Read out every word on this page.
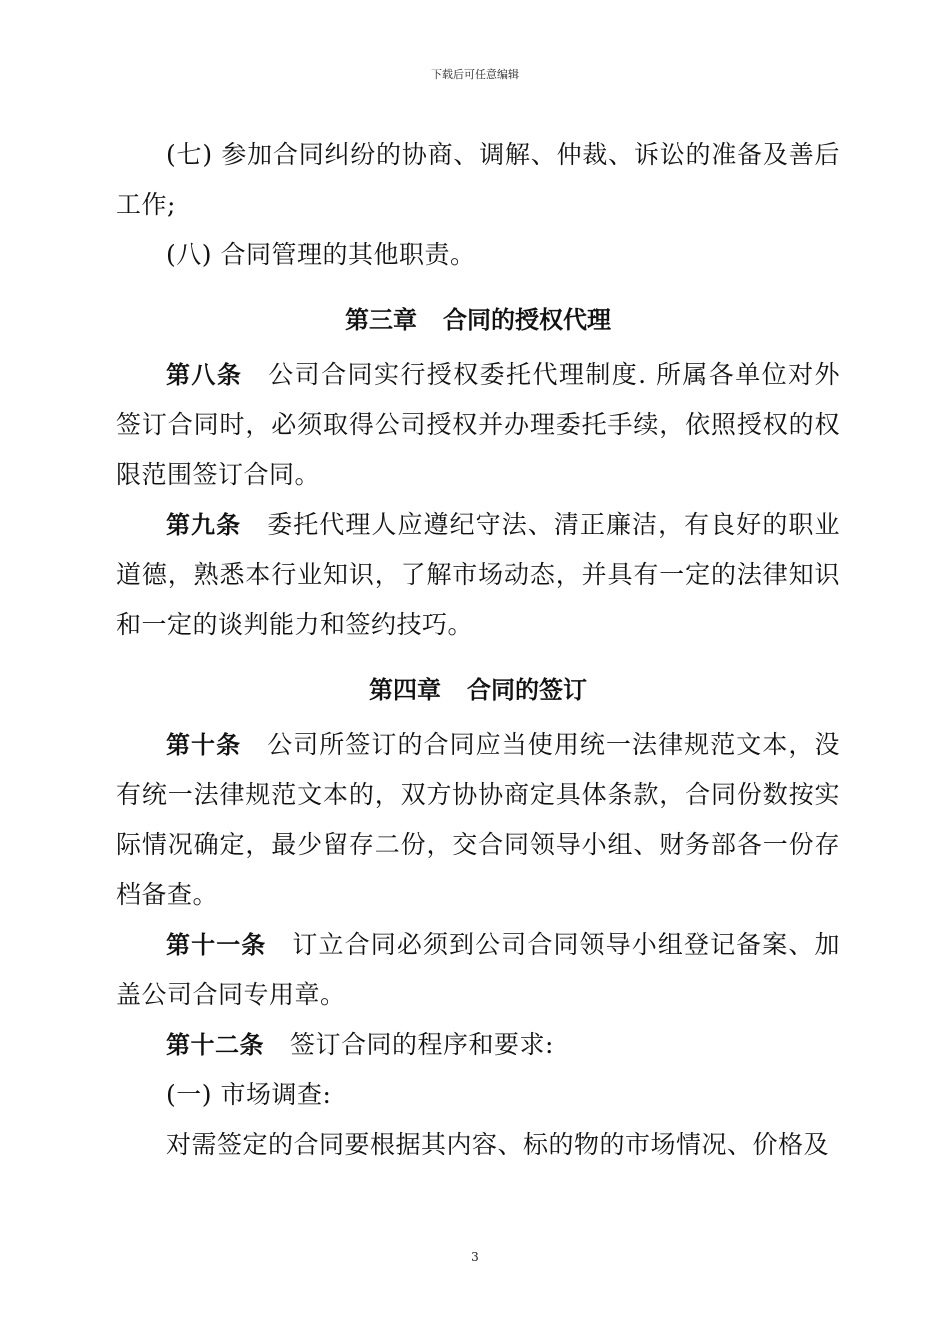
下载后可任意编辑

(七) 参加合同纠纷的协商、调解、仲裁、诉讼的准备及善后工作;

(八) 合同管理的其他职责。

第三章 合同的授权代理

第八条 公司合同实行授权委托代理制度. 所属各单位对外签订合同时，必须取得公司授权并办理委托手续，依照授权的权限范围签订合同。

第九条 委托代理人应遵纪守法、清正廉洁，有良好的职业道德，熟悉本行业知识，了解市场动态，并具有一定的法律知识和一定的谈判能力和签约技巧。

第四章 合同的签订

第十条 公司所签订的合同应当使用统一法律规范文本，没有统一法律规范文本的，双方协协商定具体条款，合同份数按实际情况确定，最少留存二份，交合同领导小组、财务部各一份存档备查。

第十一条 订立合同必须到公司合同领导小组登记备案、加盖公司合同专用章。

第十二条 签订合同的程序和要求:

(一) 市场调查:

对需签定的合同要根据其内容、标的物的市场情况、价格及

3
